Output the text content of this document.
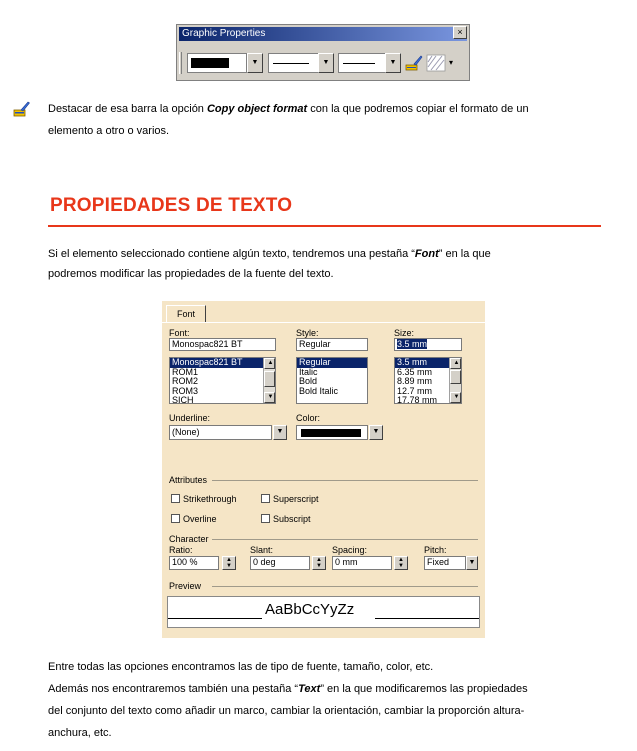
Graphic Properties	×
▼	▼	▼	▾
Destacar de esa barra la opción Copy object format con la que podremos copiar el formato de un
elemento a otro o varios.
PROPIEDADES DE TEXTO
Si el elemento seleccionado contiene algún texto, tendremos una pestaña “Font” en la que
podremos modificar las propiedades de la fuente del texto.
Font
Font:
Monospac821 BT
Monospac821 BT
ROM1
ROM2
ROM3
SICH
▲
▼
Style:
Regular
Regular
Italic
Bold
Bold Italic
Size:
3.5 mm
3.5 mm
6.35 mm
8.89 mm
12.7 mm
17.78 mm
▲
▼
Underline:
(None)	▼
Color:
▼
Attributes
Strikethrough	Superscript
Overline	Subscript
Character
Ratio:
100 %	▲
▼
Slant:
0 deg	▲
▼
Spacing:
0 mm	▲
▼
Pitch:
Fixed	▼
Preview
AaBbCcYyZz
Entre todas las opciones encontramos las de tipo de fuente, tamaño, color, etc.
Además nos encontraremos también una pestaña “Text” en la que modificaremos las propiedades
del conjunto del texto como añadir un marco, cambiar la orientación, cambiar la proporción altura-
anchura, etc.
